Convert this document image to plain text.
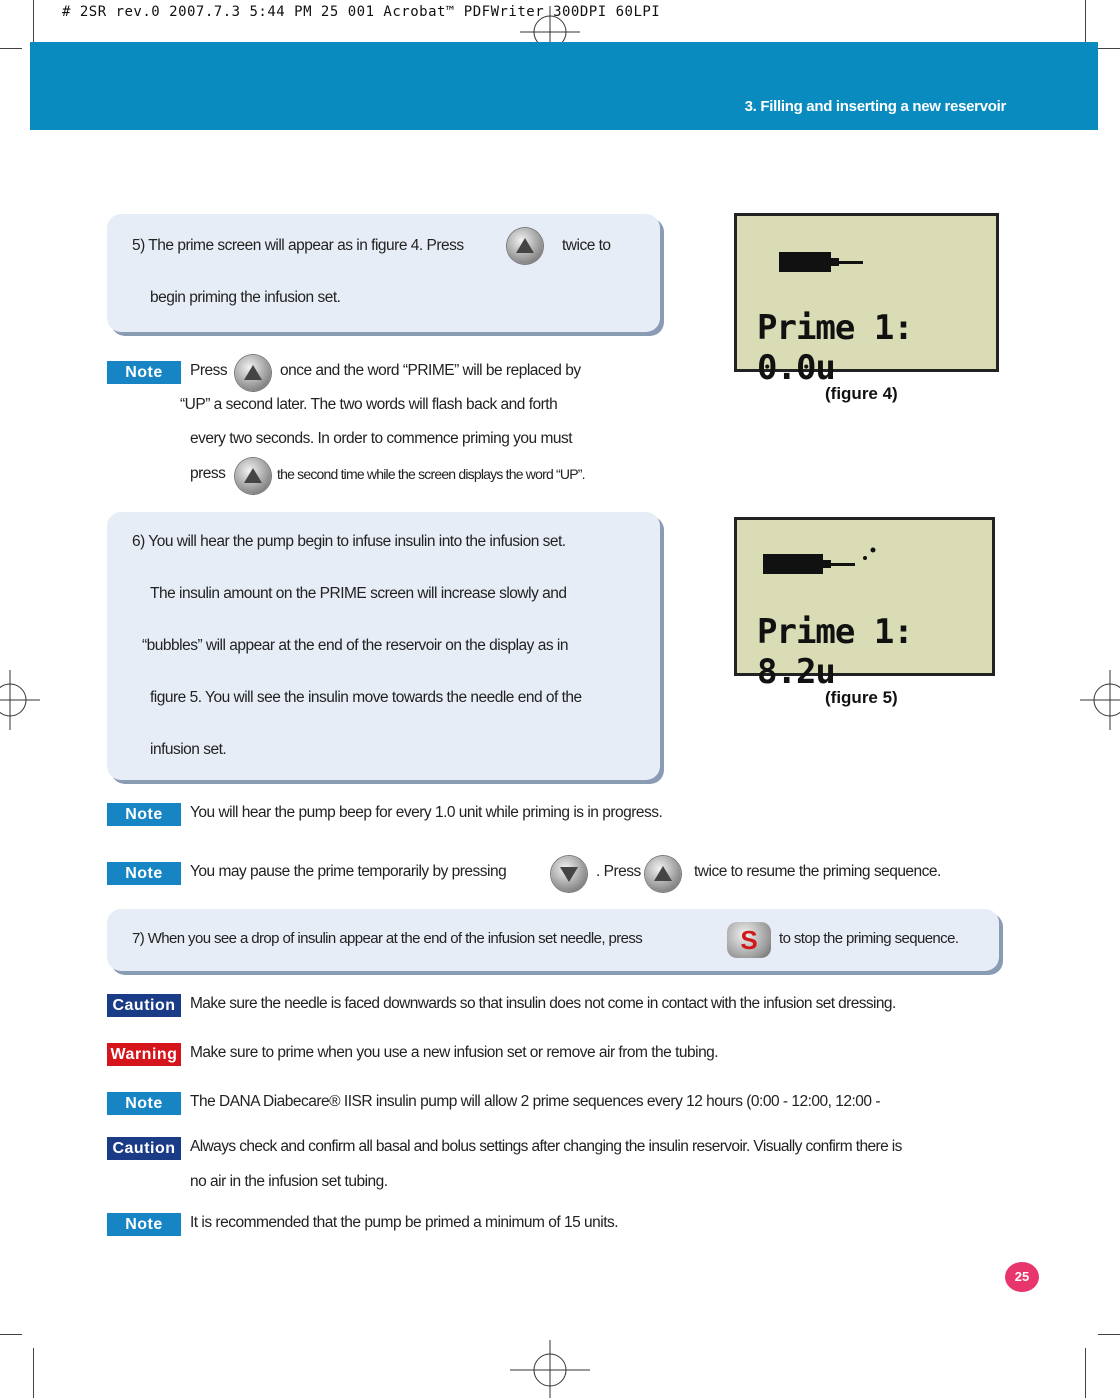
# 2SR rev.0 2007.7.3 5:44 PM 25 001 Acrobat™ PDFWriter 300DPI 60LPI
3. Filling and inserting a new reservoir
5) The prime screen will appear as in figure 4. Press	twice to
begin priming the infusion set.
Note	Press	once and the word “PRIME” will be replaced by
“UP” a second later. The two words will flash back and forth
every two seconds. In order to commence priming you must
press	the second time while the screen displays the word “UP”.
Prime 1: 0.0u
(figure 4)
6) You will hear the pump begin to infuse insulin into the infusion set.
The insulin amount on the PRIME screen will increase slowly and
“bubbles” will appear at the end of the reservoir on the display as in
figure 5. You will see the insulin move towards the needle end of the
infusion set.
Prime 1: 8.2u
(figure 5)
Note	You will hear the pump beep for every 1.0 unit while priming is in progress.
Note	You may pause the prime temporarily by pressing	. Press	twice to resume the priming sequence.
7) When you see a drop of insulin appear at the end of the infusion set needle, press	S	to stop the priming sequence.
Caution Make sure the needle is faced downwards so that insulin does not come in contact with the infusion set dressing.
Warning Make sure to prime when you use a new infusion set or remove air from the tubing.
Note	The DANA Diabecare® IISR insulin pump will allow 2 prime sequences every 12 hours (0:00 - 12:00, 12:00 -
Caution Always check and confirm all basal and bolus settings after changing the insulin reservoir. Visually confirm there is
no air in the infusion set tubing.
Note	It is recommended that the pump be primed a minimum of 15 units.
25
